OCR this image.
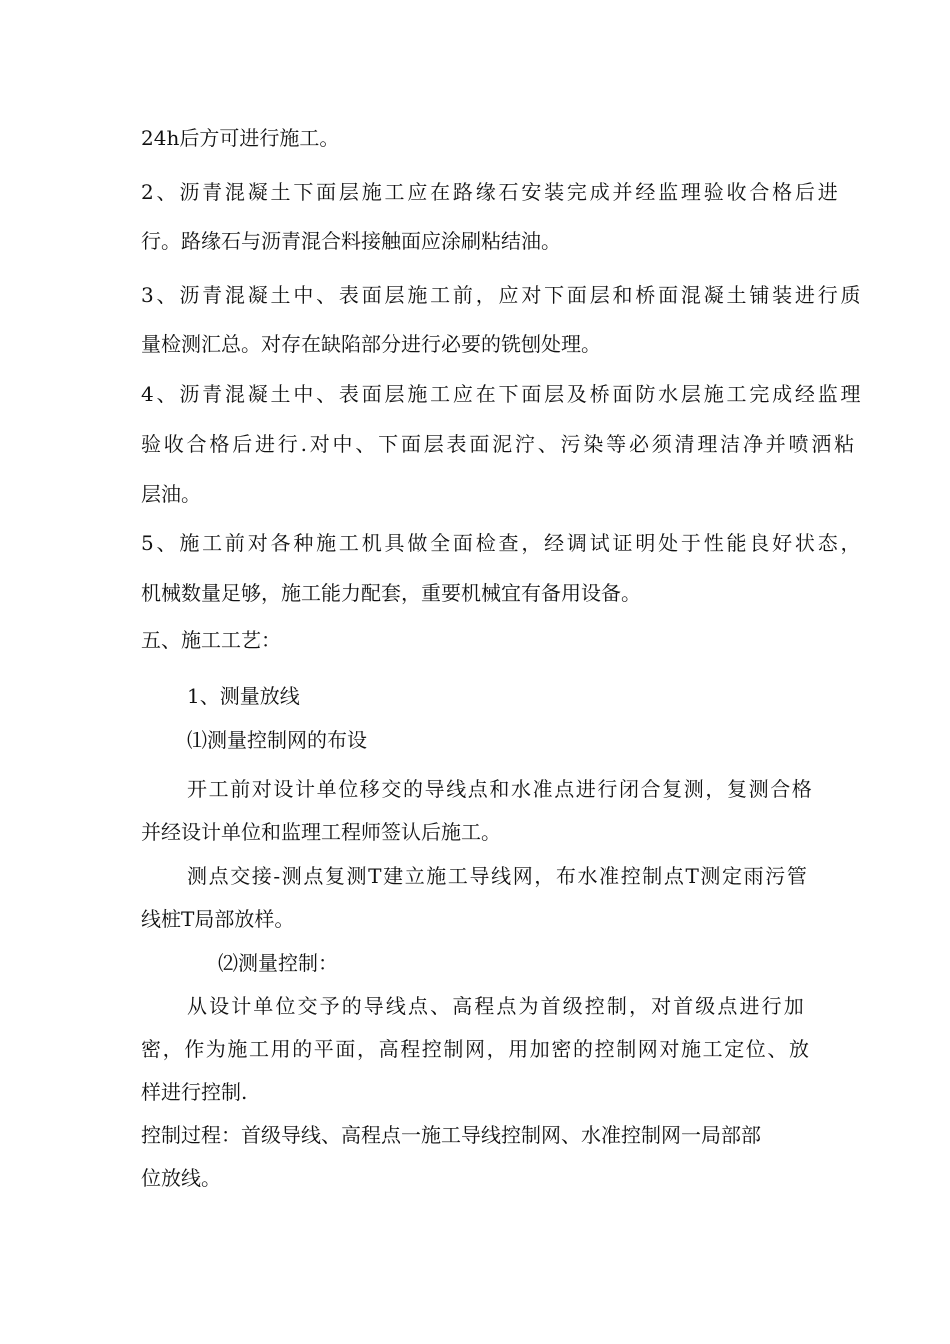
24h后方可进行施工。
2、沥青混凝土下面层施工应在路缘石安装完成并经监理验收合格后进
行。路缘石与沥青混合料接触面应涂刷粘结油。
3、沥青混凝土中、表面层施工前，应对下面层和桥面混凝土铺装进行质
量检测汇总。对存在缺陷部分进行必要的铣刨处理。
4、沥青混凝土中、表面层施工应在下面层及桥面防水层施工完成经监理
验收合格后进行.对中、下面层表面泥泞、污染等必须清理洁净并喷洒粘
层油。
5、施工前对各种施工机具做全面检查，经调试证明处于性能良好状态，
机械数量足够，施工能力配套，重要机械宜有备用设备。
五、施工工艺：
1、测量放线
⑴测量控制网的布设
开工前对设计单位移交的导线点和水准点进行闭合复测，复测合格
并经设计单位和监理工程师签认后施工。
测点交接-测点复测T建立施工导线网，布水准控制点T测定雨污管
线桩T局部放样。
⑵测量控制：
从设计单位交予的导线点、高程点为首级控制，对首级点进行加
密，作为施工用的平面，高程控制网，用加密的控制网对施工定位、放
样进行控制.
控制过程：首级导线、高程点一施工导线控制网、水准控制网一局部部
位放线。
